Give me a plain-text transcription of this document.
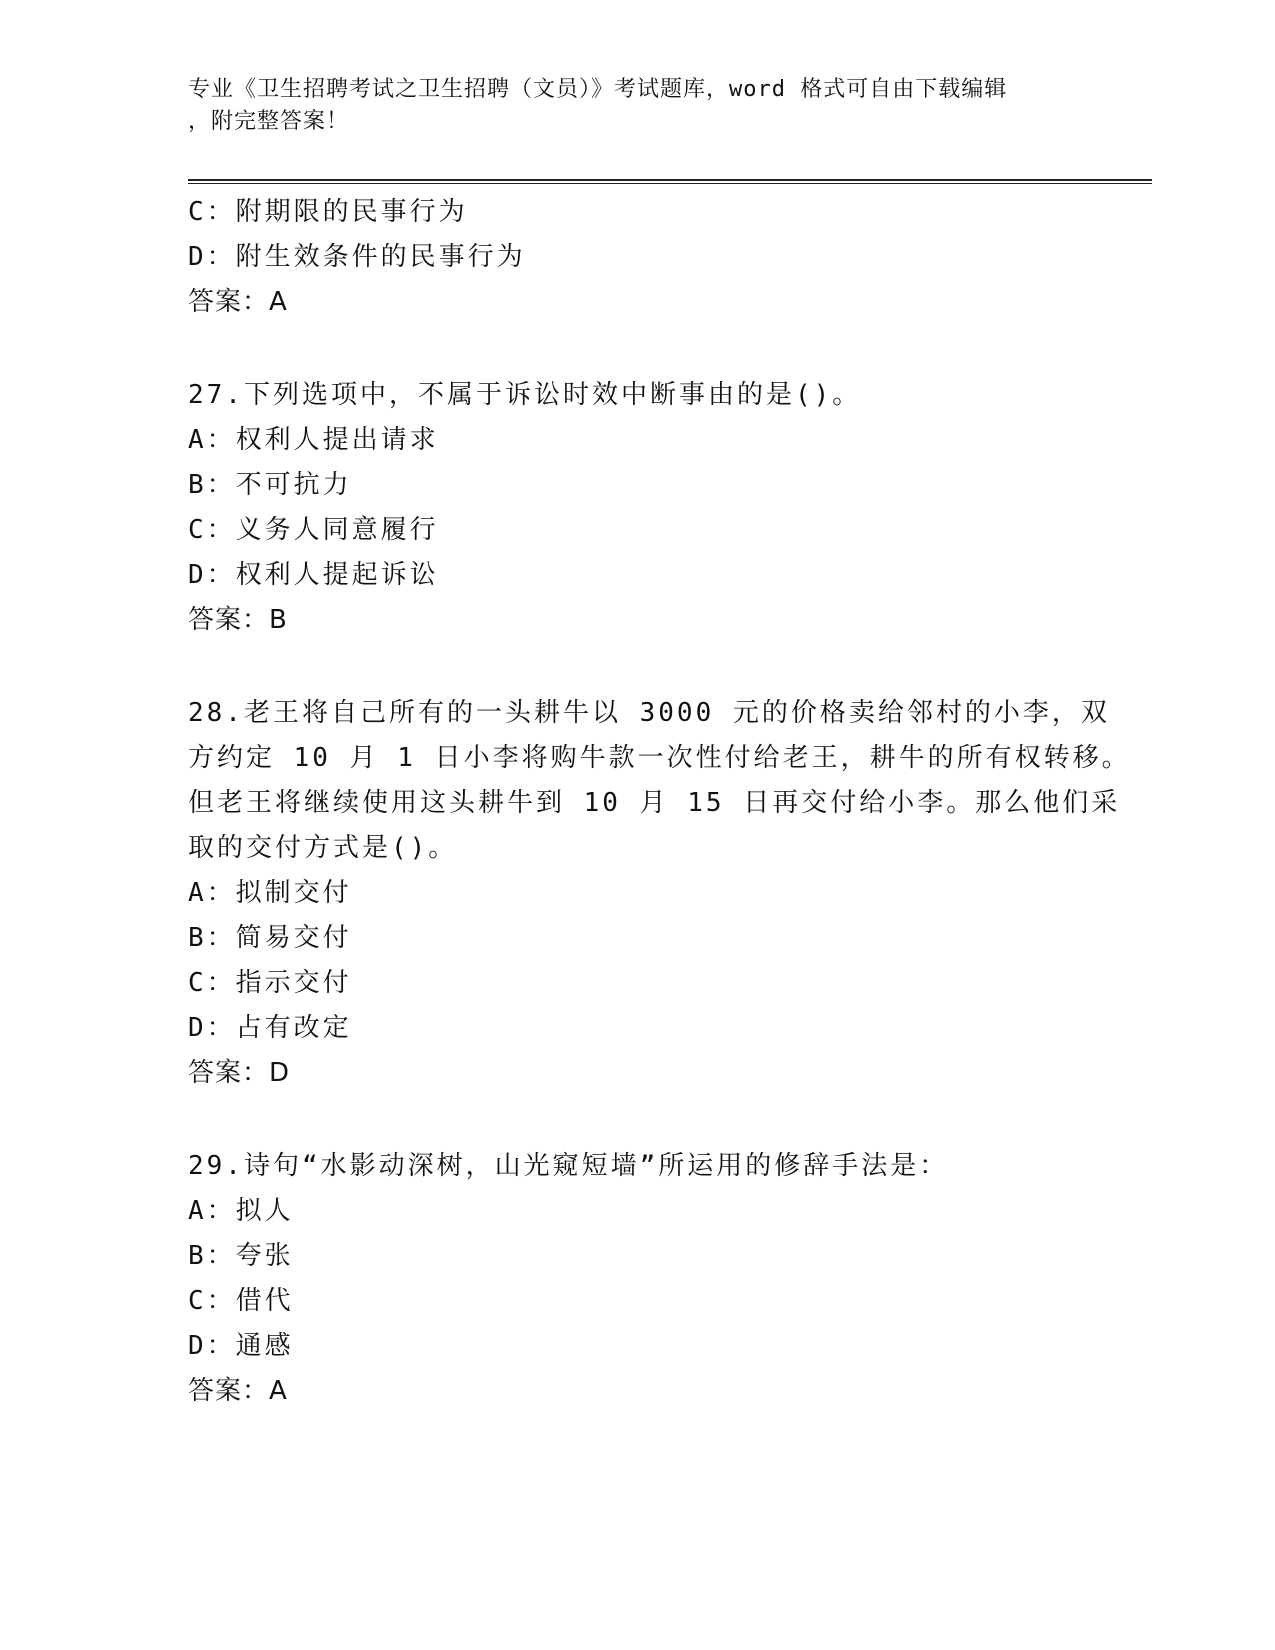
专业《卫生招聘考试之卫生招聘（文员）》考试题库，word 格式可自由下载编辑
，附完整答案！
C：附期限的民事行为
D：附生效条件的民事行为
答案：A
27.下列选项中，不属于诉讼时效中断事由的是()。
A：权利人提出请求
B：不可抗力
C：义务人同意履行
D：权利人提起诉讼
答案：B
28.老王将自己所有的一头耕牛以 3000 元的价格卖给邻村的小李，双
方约定 10 月 1 日小李将购牛款一次性付给老王，耕牛的所有权转移。
但老王将继续使用这头耕牛到 10 月 15 日再交付给小李。那么他们采
取的交付方式是()。
A：拟制交付
B：简易交付
C：指示交付
D：占有改定
答案：D
29.诗句“水影动深树，山光窥短墙”所运用的修辞手法是：
A：拟人
B：夸张
C：借代
D：通感
答案：A
